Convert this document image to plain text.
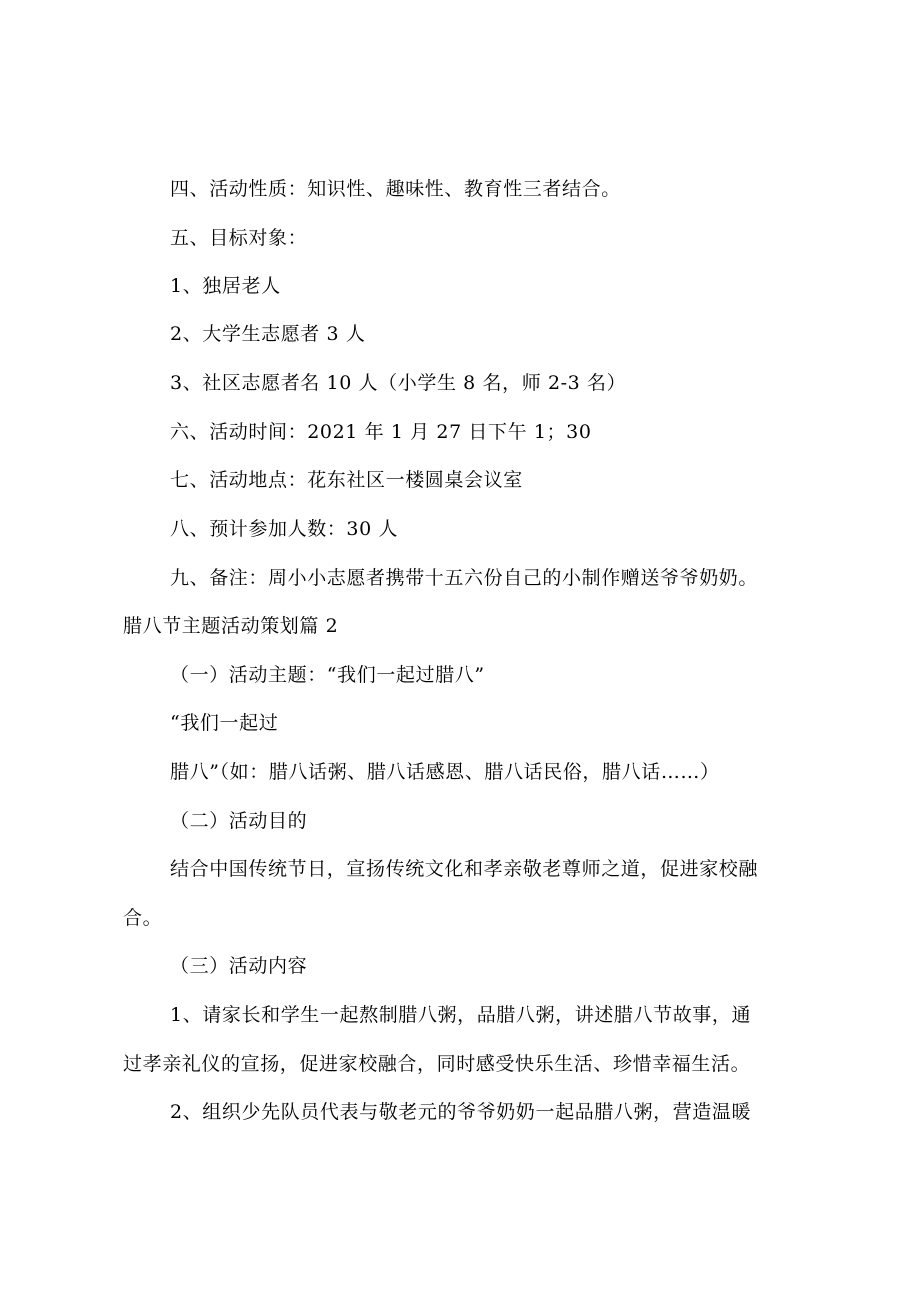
四、活动性质：知识性、趣味性、教育性三者结合。
五、目标对象：
1、独居老人
2、大学生志愿者 3 人
3、社区志愿者名 10 人（小学生 8 名，师 2-3 名）
六、活动时间：2021 年 1 月 27 日下午 1；30
七、活动地点：花东社区一楼圆桌会议室
八、预计参加人数：30 人
九、备注：周小小志愿者携带十五六份自己的小制作赠送爷爷奶奶。
腊八节主题活动策划篇 2
（一）活动主题：“我们一起过腊八”
“我们一起过
腊八”（如：腊八话粥、腊八话感恩、腊八话民俗，腊八话……）
（二）活动目的
结合中国传统节日，宣扬传统文化和孝亲敬老尊师之道，促进家校融
合。
（三）活动内容
1、请家长和学生一起熬制腊八粥，品腊八粥，讲述腊八节故事，通
过孝亲礼仪的宣扬，促进家校融合，同时感受快乐生活、珍惜幸福生活。
2、组织少先队员代表与敬老元的爷爷奶奶一起品腊八粥，营造温暖
